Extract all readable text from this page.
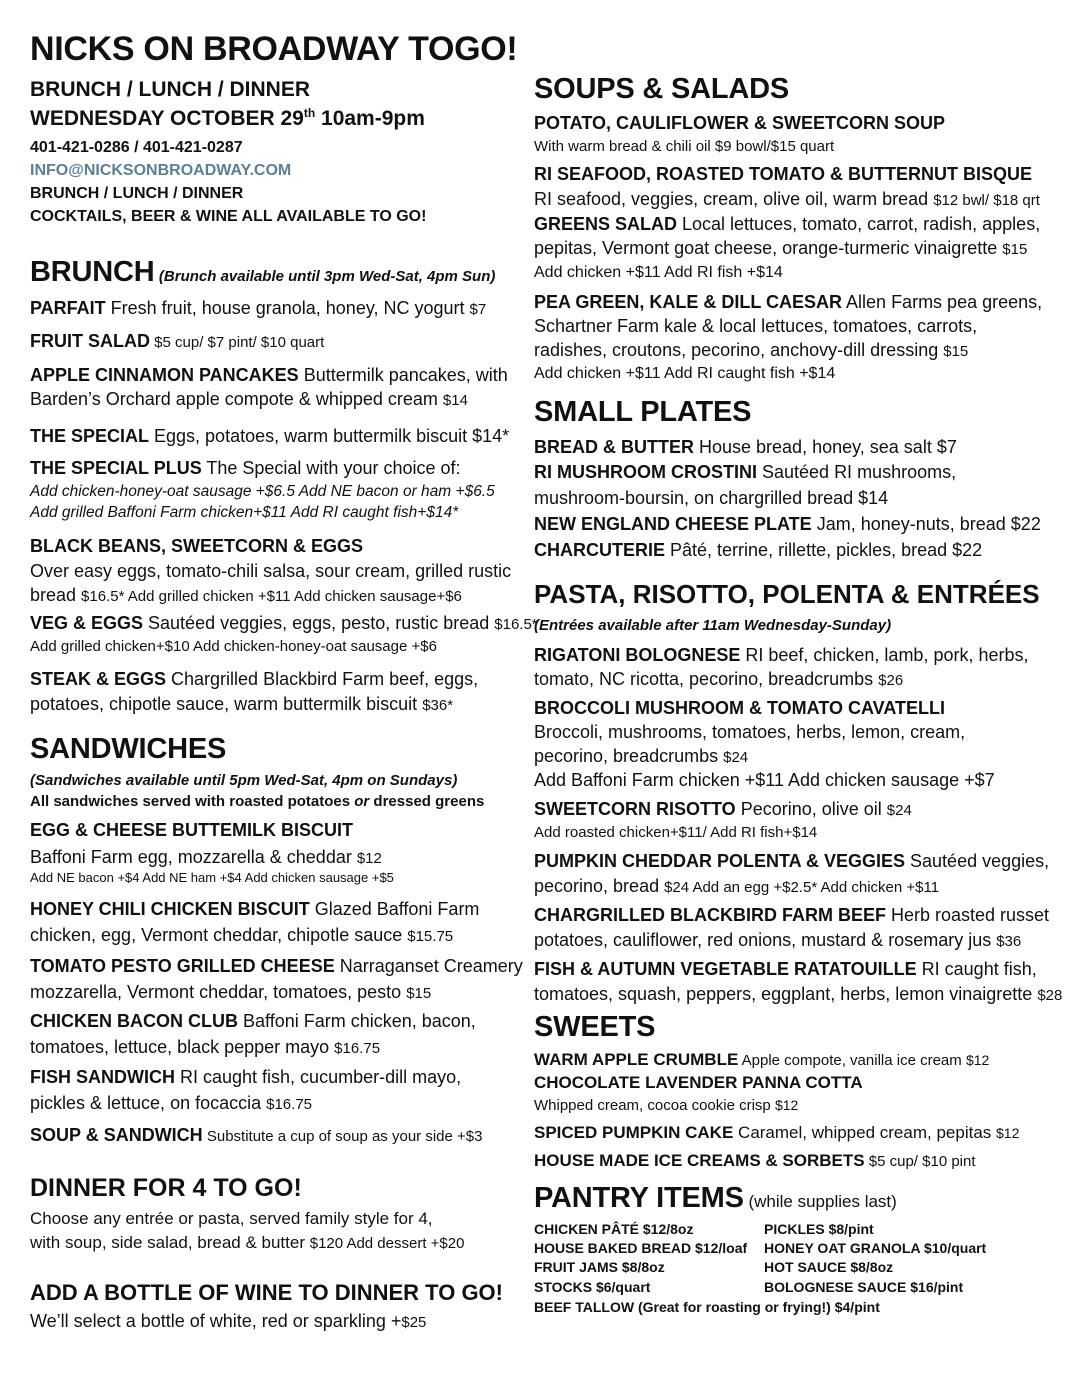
NICKS ON BROADWAY TOGO!
BRUNCH / LUNCH / DINNER
WEDNESDAY OCTOBER 29th 10am-9pm
401-421-0286 / 401-421-0287
INFO@NICKSONBROADWAY.COM
BRUNCH / LUNCH / DINNER
COCKTAILS, BEER & WINE ALL AVAILABLE TO GO!
BRUNCH (Brunch available until 3pm Wed-Sat, 4pm Sun)
PARFAIT Fresh fruit, house granola, honey, NC yogurt $7
FRUIT SALAD $5 cup/ $7 pint/ $10 quart
APPLE CINNAMON PANCAKES Buttermilk pancakes, with
Barden’s Orchard apple compote & whipped cream $14
THE SPECIAL Eggs, potatoes, warm buttermilk biscuit $14*
THE SPECIAL PLUS The Special with your choice of:
Add chicken-honey-oat sausage +$6.5 Add NE bacon or ham +$6.5
Add grilled Baffoni Farm chicken+$11 Add RI caught fish+$14*
BLACK BEANS, SWEETCORN & EGGS
Over easy eggs, tomato-chili salsa, sour cream, grilled rustic
bread $16.5* Add grilled chicken +$11 Add chicken sausage+$6
VEG & EGGS Sautéed veggies, eggs, pesto, rustic bread $16.5*
Add grilled chicken+$10 Add chicken-honey-oat sausage +$6
STEAK & EGGS Chargrilled Blackbird Farm beef, eggs,
potatoes, chipotle sauce, warm buttermilk biscuit $36*
SANDWICHES
(Sandwiches available until 5pm Wed-Sat, 4pm on Sundays)
All sandwiches served with roasted potatoes or dressed greens
EGG & CHEESE BUTTEMILK BISCUIT
Baffoni Farm egg, mozzarella & cheddar $12
Add NE bacon +$4 Add NE ham +$4 Add chicken sausage +$5
HONEY CHILI CHICKEN BISCUIT Glazed Baffoni Farm
chicken, egg, Vermont cheddar, chipotle sauce $15.75
TOMATO PESTO GRILLED CHEESE Narraganset Creamery
mozzarella, Vermont cheddar, tomatoes, pesto $15
CHICKEN BACON CLUB Baffoni Farm chicken, bacon,
tomatoes, lettuce, black pepper mayo $16.75
FISH SANDWICH RI caught fish, cucumber-dill mayo,
pickles & lettuce, on focaccia $16.75
SOUP & SANDWICH Substitute a cup of soup as your side +$3
DINNER FOR 4 TO GO!
Choose any entrée or pasta, served family style for 4,
with soup, side salad, bread & butter $120 Add dessert +$20
ADD A BOTTLE OF WINE TO DINNER TO GO!
We’ll select a bottle of white, red or sparkling +$25
SOUPS & SALADS
POTATO, CAULIFLOWER & SWEETCORN SOUP
With warm bread & chili oil $9 bowl/$15 quart
RI SEAFOOD, ROASTED TOMATO & BUTTERNUT BISQUE
RI seafood, veggies, cream, olive oil, warm bread $12 bwl/ $18 qrt
GREENS SALAD Local lettuces, tomato, carrot, radish, apples,
pepitas, Vermont goat cheese, orange-turmeric vinaigrette $15
Add chicken +$11 Add RI fish +$14
PEA GREEN, KALE & DILL CAESAR Allen Farms pea greens,
Schartner Farm kale & local lettuces, tomatoes, carrots,
radishes, croutons, pecorino, anchovy-dill dressing $15
Add chicken +$11 Add RI caught fish +$14
SMALL PLATES
BREAD & BUTTER House bread, honey, sea salt $7
RI MUSHROOM CROSTINI Sautéed RI mushrooms,
mushroom-boursin, on chargrilled bread $14
NEW ENGLAND CHEESE PLATE Jam, honey-nuts, bread $22
CHARCUTERIE Pâté, terrine, rillette, pickles, bread $22
PASTA, RISOTTO, POLENTA & ENTRÉES
(Entrées available after 11am Wednesday-Sunday)
RIGATONI BOLOGNESE RI beef, chicken, lamb, pork, herbs,
tomato, NC ricotta, pecorino, breadcrumbs $26
BROCCOLI MUSHROOM & TOMATO CAVATELLI
Broccoli, mushrooms, tomatoes, herbs, lemon, cream,
pecorino, breadcrumbs $24
Add Baffoni Farm chicken +$11 Add chicken sausage +$7
SWEETCORN RISOTTO Pecorino, olive oil $24
Add roasted chicken+$11/ Add RI fish+$14
PUMPKIN CHEDDAR POLENTA & VEGGIES Sautéed veggies,
pecorino, bread $24 Add an egg +$2.5* Add chicken +$11
CHARGRILLED BLACKBIRD FARM BEEF Herb roasted russet
potatoes, cauliflower, red onions, mustard & rosemary jus $36
FISH & AUTUMN VEGETABLE RATATOUILLE RI caught fish,
tomatoes, squash, peppers, eggplant, herbs, lemon vinaigrette $28
SWEETS
WARM APPLE CRUMBLE Apple compote, vanilla ice cream $12
CHOCOLATE LAVENDER PANNA COTTA
Whipped cream, cocoa cookie crisp $12
SPICED PUMPKIN CAKE Caramel, whipped cream, pepitas $12
HOUSE MADE ICE CREAMS & SORBETS $5 cup/ $10 pint
PANTRY ITEMS (while supplies last)
CHICKEN PÂTÉ $12/8oz
HOUSE BAKED BREAD $12/loaf
FRUIT JAMS $8/8oz
STOCKS $6/quart
PICKLES $8/pint
HONEY OAT GRANOLA $10/quart
HOT SAUCE $8/8oz
BOLOGNESE SAUCE $16/pint
BEEF TALLOW (Great for roasting or frying!) $4/pint
